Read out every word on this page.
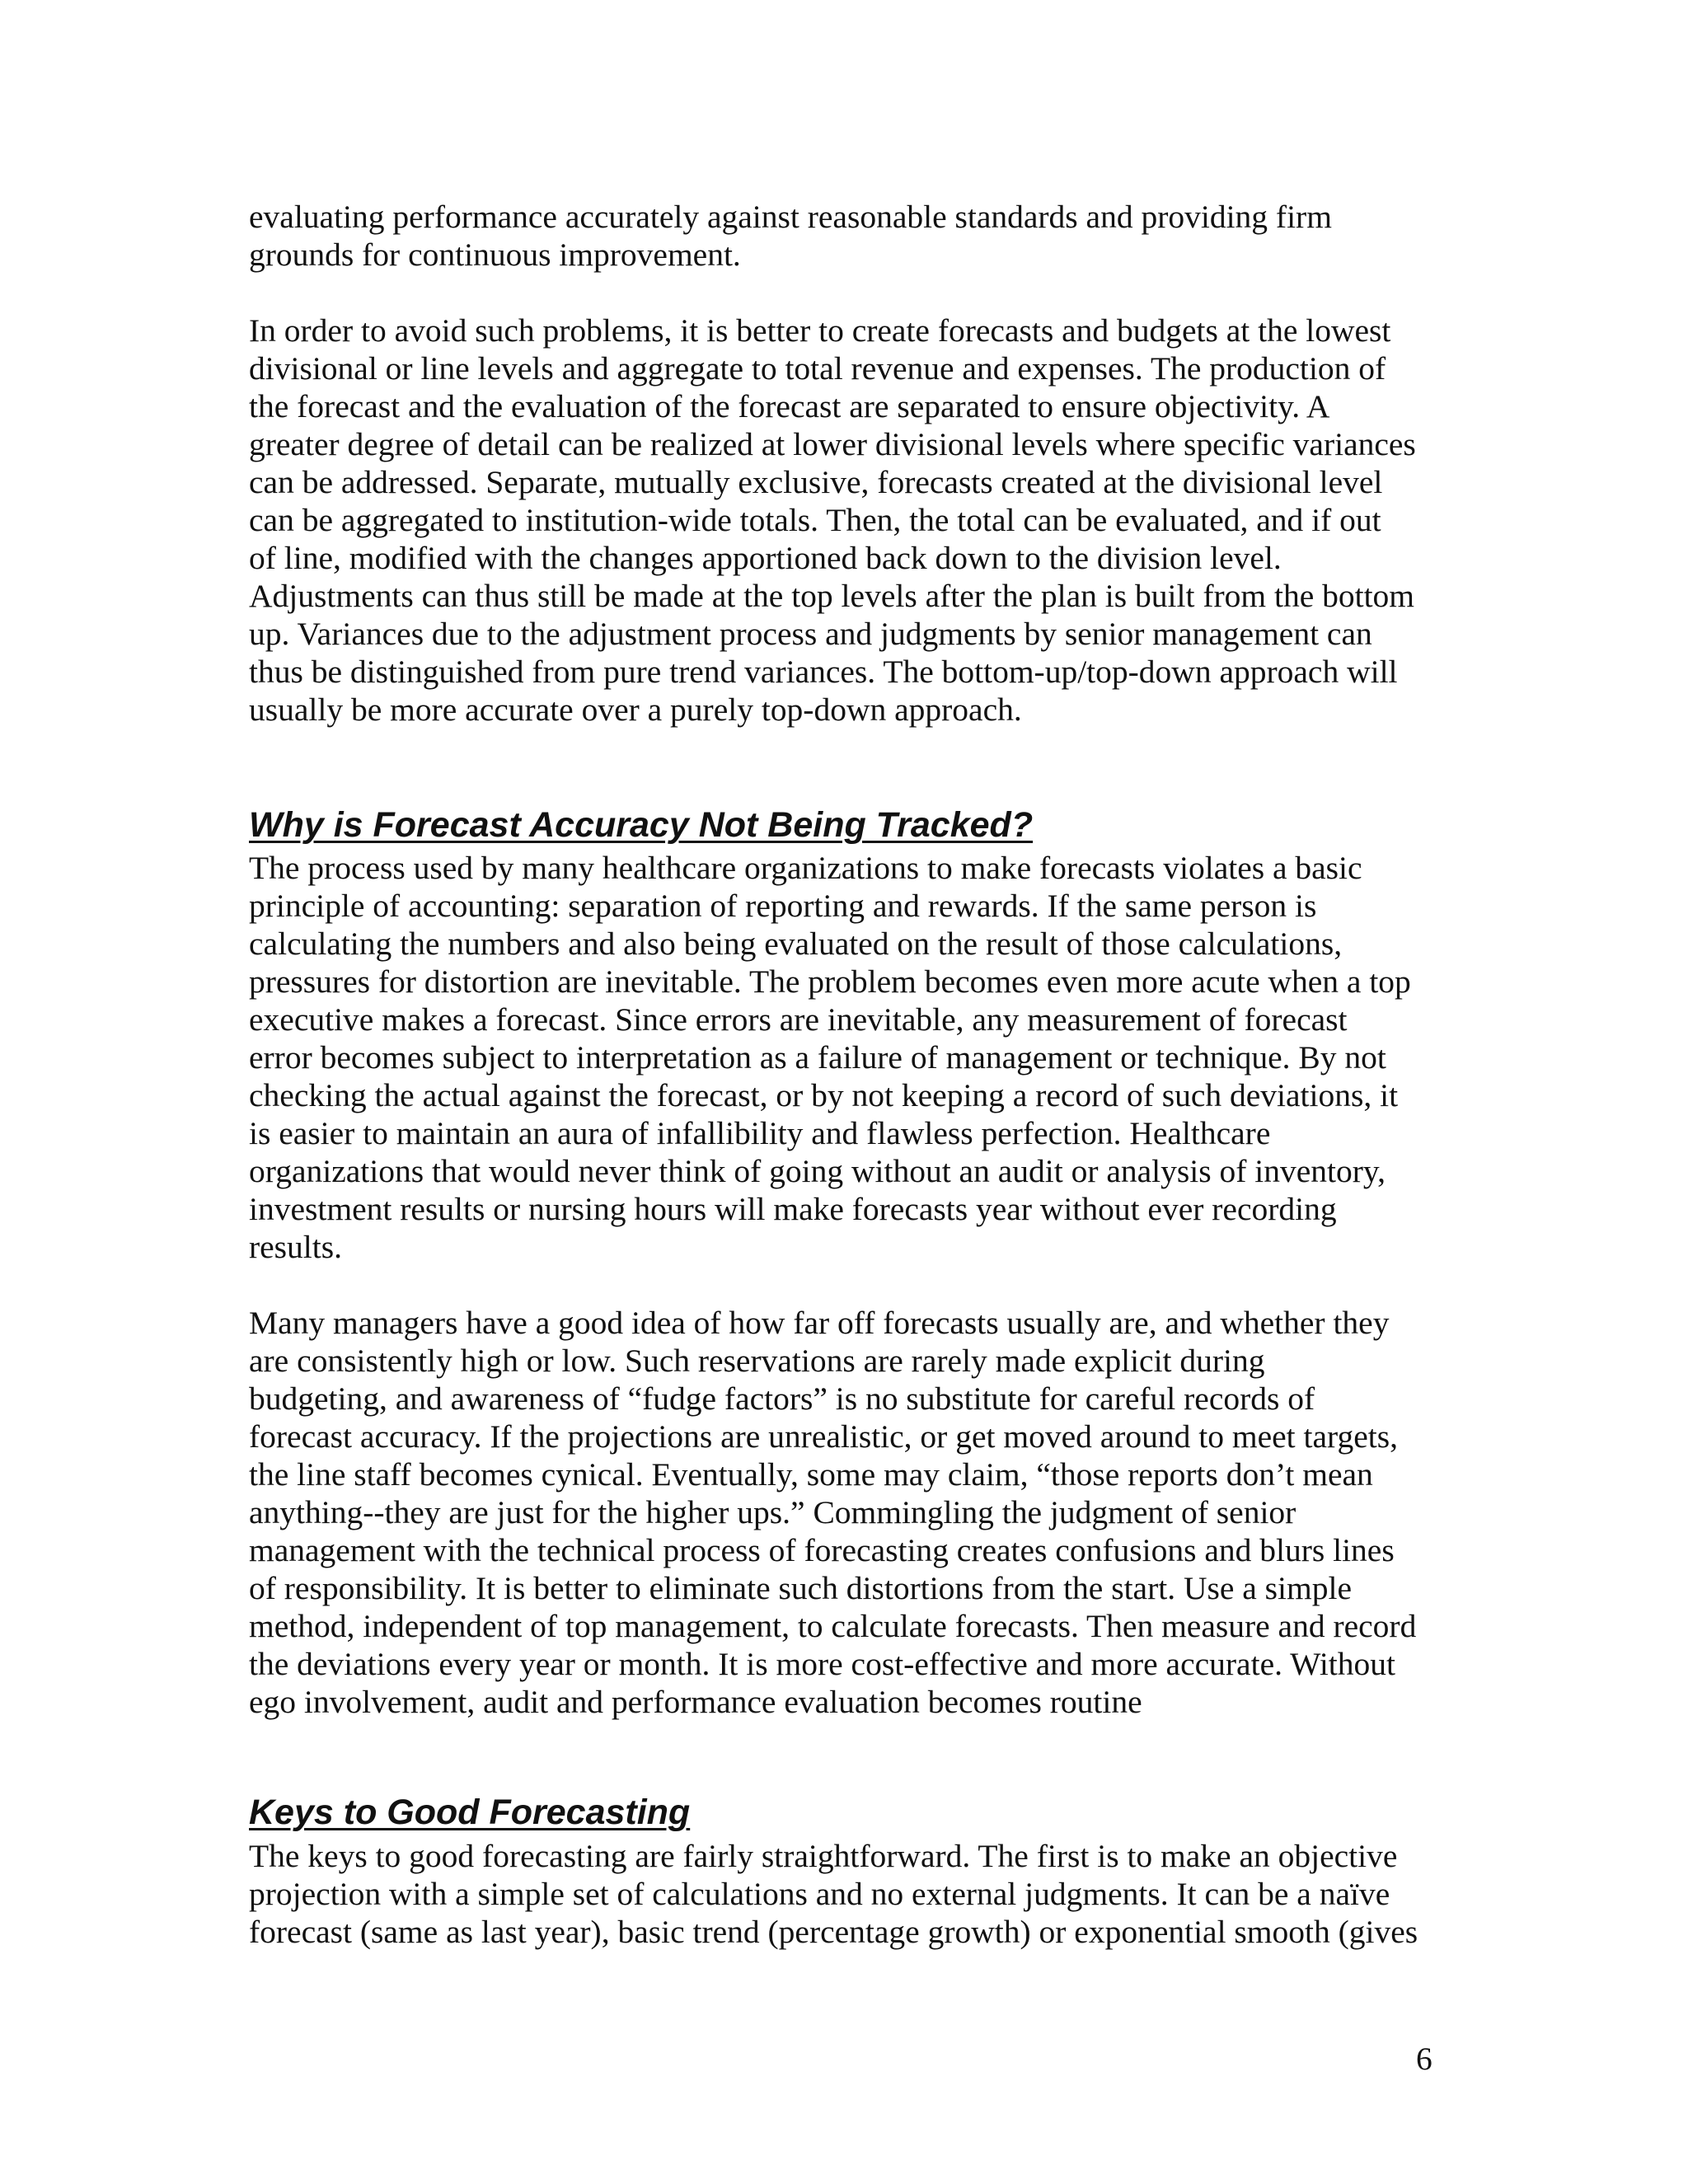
evaluating performance accurately against reasonable standards and providing firm

grounds for continuous improvement.

In order to avoid such problems, it is better to create forecasts and budgets at the lowest

divisional or line levels and aggregate to total revenue and expenses. The production of

the forecast and the evaluation of the forecast are separated to ensure objectivity. A

greater degree of detail can be realized at lower divisional levels where specific variances

can be addressed. Separate, mutually exclusive, forecasts created at the divisional level

can be aggregated to institution-wide totals. Then, the total can be evaluated, and if out

of line, modified with the changes apportioned back down to the division level.

Adjustments can thus still be made at the top levels after the plan is built from the bottom

up. Variances due to the adjustment process and judgments by senior management can

thus be distinguished from pure trend variances. The bottom-up/top-down approach will

usually be more accurate over a purely top-down approach.

Why is Forecast Accuracy Not Being Tracked?

The process used by many healthcare organizations to make forecasts violates a basic

principle of accounting: separation of reporting and rewards. If the same person is

calculating the numbers and also being evaluated on the result of those calculations,

pressures for distortion are inevitable. The problem becomes even more acute when a top

executive makes a forecast. Since errors are inevitable, any measurement of forecast

error becomes subject to interpretation as a failure of management or technique. By not

checking the actual against the forecast, or by not keeping a record of such deviations, it

is easier to maintain an aura of infallibility and flawless perfection. Healthcare

organizations that would never think of going without an audit or analysis of inventory,

investment results or nursing hours will make forecasts year without ever recording

results.

Many managers have a good idea of how far off forecasts usually are, and whether they

are consistently high or low. Such reservations are rarely made explicit during

budgeting, and awareness of “fudge factors” is no substitute for careful records of

forecast accuracy. If the projections are unrealistic, or get moved around to meet targets,

the line staff becomes cynical. Eventually, some may claim, “those reports don’t mean

anything--they are just for the higher ups.” Commingling the judgment of senior

management with the technical process of forecasting creates confusions and blurs lines

of responsibility. It is better to eliminate such distortions from the start. Use a simple

method, independent of top management, to calculate forecasts. Then measure and record

the deviations every year or month. It is more cost-effective and more accurate. Without

ego involvement, audit and performance evaluation becomes routine

Keys to Good Forecasting

The keys to good forecasting are fairly straightforward. The first is to make an objective

projection with a simple set of calculations and no external judgments. It can be a naïve

forecast (same as last year), basic trend (percentage growth) or exponential smooth (gives

6
